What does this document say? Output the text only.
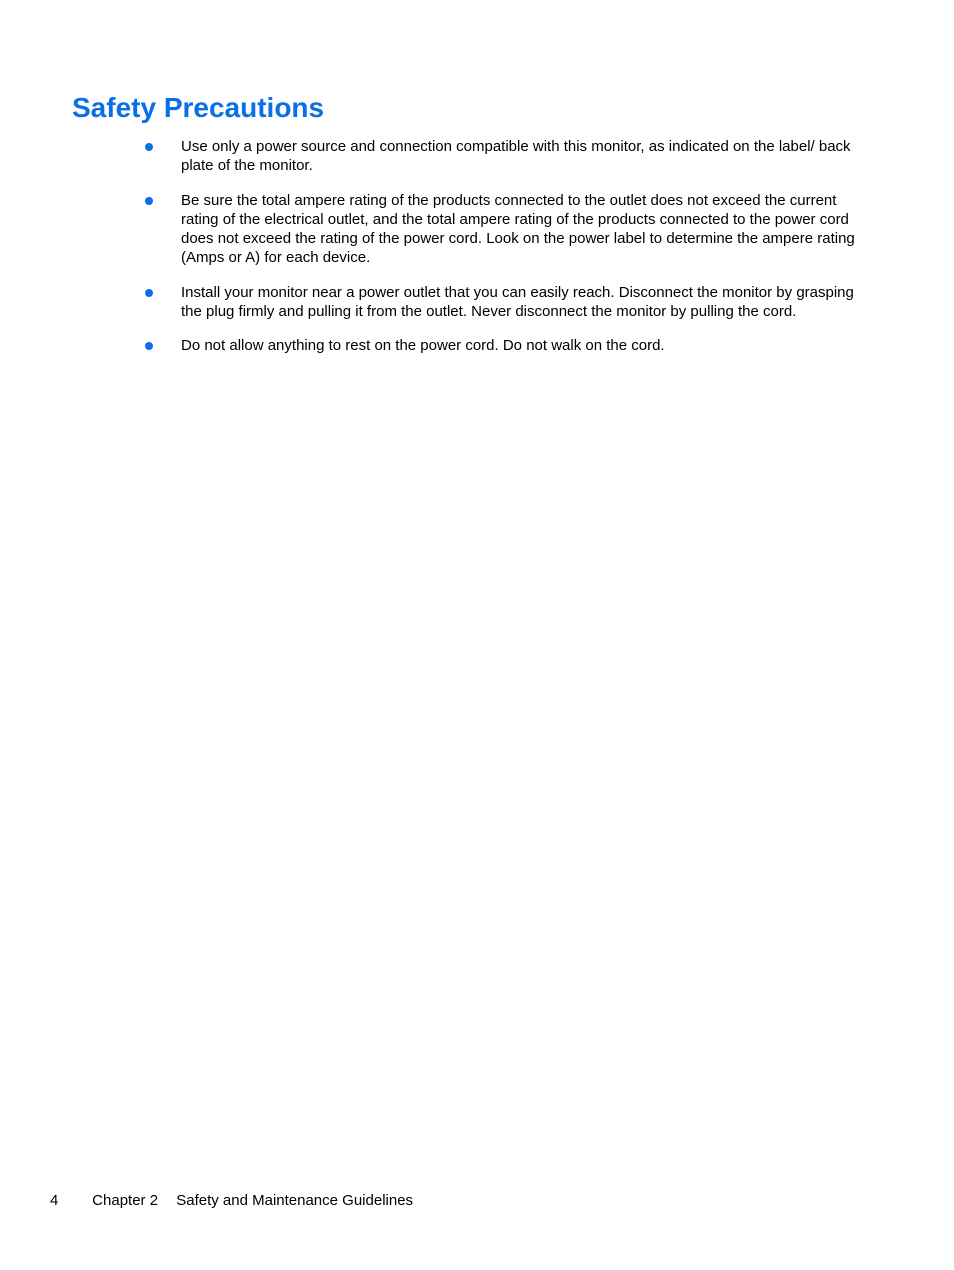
Safety Precautions
Use only a power source and connection compatible with this monitor, as indicated on the label/ back plate of the monitor.
Be sure the total ampere rating of the products connected to the outlet does not exceed the current rating of the electrical outlet, and the total ampere rating of the products connected to the power cord does not exceed the rating of the power cord. Look on the power label to determine the ampere rating (Amps or A) for each device.
Install your monitor near a power outlet that you can easily reach. Disconnect the monitor by grasping the plug firmly and pulling it from the outlet. Never disconnect the monitor by pulling the cord.
Do not allow anything to rest on the power cord. Do not walk on the cord.
4 Chapter 2 Safety and Maintenance Guidelines
